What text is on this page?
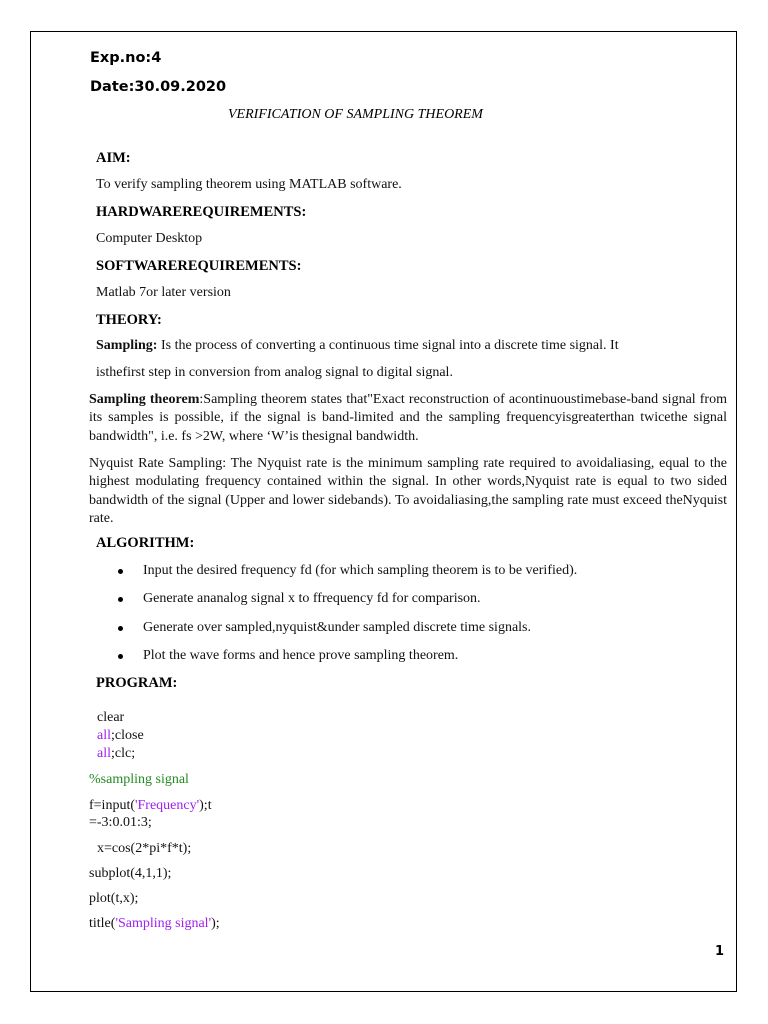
Exp.no:4
Date:30.09.2020
VERIFICATION OF SAMPLING THEOREM
AIM:
To verify sampling theorem using MATLAB software.
HARDWAREREQUIREMENTS:
Computer Desktop
SOFTWAREREQUIREMENTS:
Matlab 7or later version
THEORY:
Sampling: Is the process of converting a continuous time signal into a discrete time signal. It
isthefirst step in conversion from analog signal to digital signal.
Sampling theorem:Sampling theorem states that"Exact reconstruction of acontinuoustimebase-band signal from its samples is possible, if the signal is band-limited and the sampling frequencyisgreaterthan twicethe signal bandwidth", i.e. fs >2W, where ‘W’is thesignal bandwidth.
Nyquist Rate Sampling: The Nyquist rate is the minimum sampling rate required to avoidaliasing, equal to the highest modulating frequency contained within the signal. In other words,Nyquist rate is equal to two sided bandwidth of the signal (Upper and lower sidebands). To avoidaliasing,the sampling rate must exceed theNyquist rate.
ALGORITHM:
Input the desired frequency fd (for which sampling theorem is to be verified).
Generate ananalog signal x to ffrequency fd for comparison.
Generate over sampled,nyquist&under sampled discrete time signals.
Plot the wave forms and hence prove sampling theorem.
PROGRAM:
clear
all;close
all;clc;
%sampling signal
f=input('Frequency');t
=-3:0.01:3;
x=cos(2*pi*f*t);
subplot(4,1,1);
plot(t,x);
title('Sampling signal');
1
